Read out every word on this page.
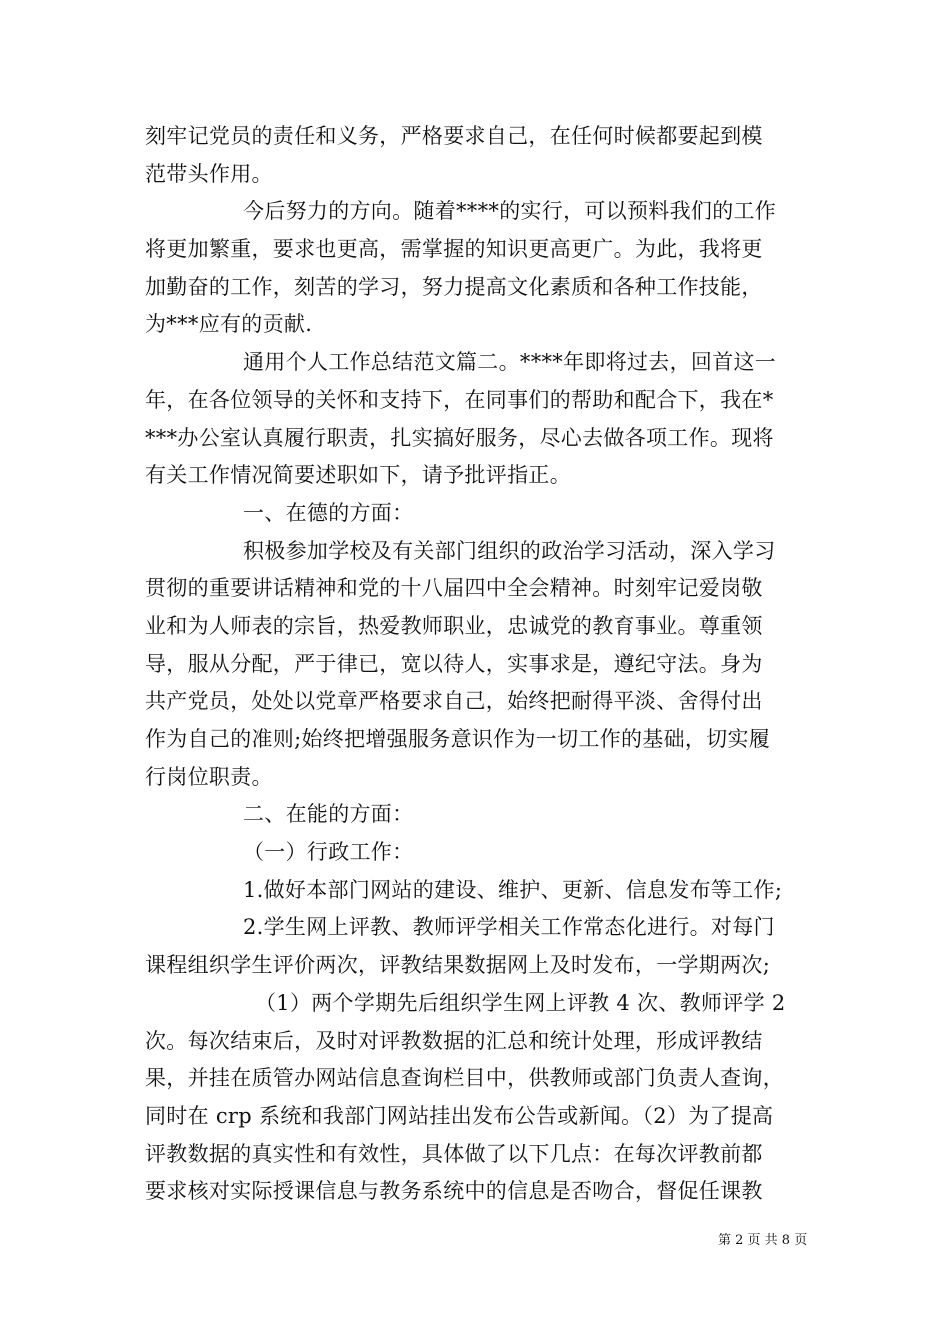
刻牢记党员的责任和义务，严格要求自己，在任何时候都要起到模
范带头作用。
今后努力的方向。随着****的实行，可以预料我们的工作
将更加繁重，要求也更高，需掌握的知识更高更广。为此，我将更
加勤奋的工作，刻苦的学习，努力提高文化素质和各种工作技能，
为***应有的贡献.
通用个人工作总结范文篇二。****年即将过去，回首这一
年，在各位领导的关怀和支持下，在同事们的帮助和配合下，我在*
***办公室认真履行职责，扎实搞好服务，尽心去做各项工作。现将
有关工作情况简要述职如下，请予批评指正。
一、在德的方面：
积极参加学校及有关部门组织的政治学习活动，深入学习
贯彻的重要讲话精神和党的十八届四中全会精神。时刻牢记爱岗敬
业和为人师表的宗旨，热爱教师职业，忠诚党的教育事业。尊重领
导，服从分配，严于律已，宽以待人，实事求是，遵纪守法。身为
共产党员，处处以党章严格要求自己，始终把耐得平淡、舍得付出
作为自己的准则;始终把增强服务意识作为一切工作的基础，切实履
行岗位职责。
二、在能的方面：
（一）行政工作：
1.做好本部门网站的建设、维护、更新、信息发布等工作;
2.学生网上评教、教师评学相关工作常态化进行。对每门
课程组织学生评价两次，评教结果数据网上及时发布，一学期两次;
（1）两个学期先后组织学生网上评教 4 次、教师评学 2
次。每次结束后，及时对评教数据的汇总和统计处理，形成评教结
果，并挂在质管办网站信息查询栏目中，供教师或部门负责人查询，
同时在 crp 系统和我部门网站挂出发布公告或新闻。（2）为了提高
评教数据的真实性和有效性，具体做了以下几点：在每次评教前都
要求核对实际授课信息与教务系统中的信息是否吻合，督促任课教
第 2 页 共 8 页
